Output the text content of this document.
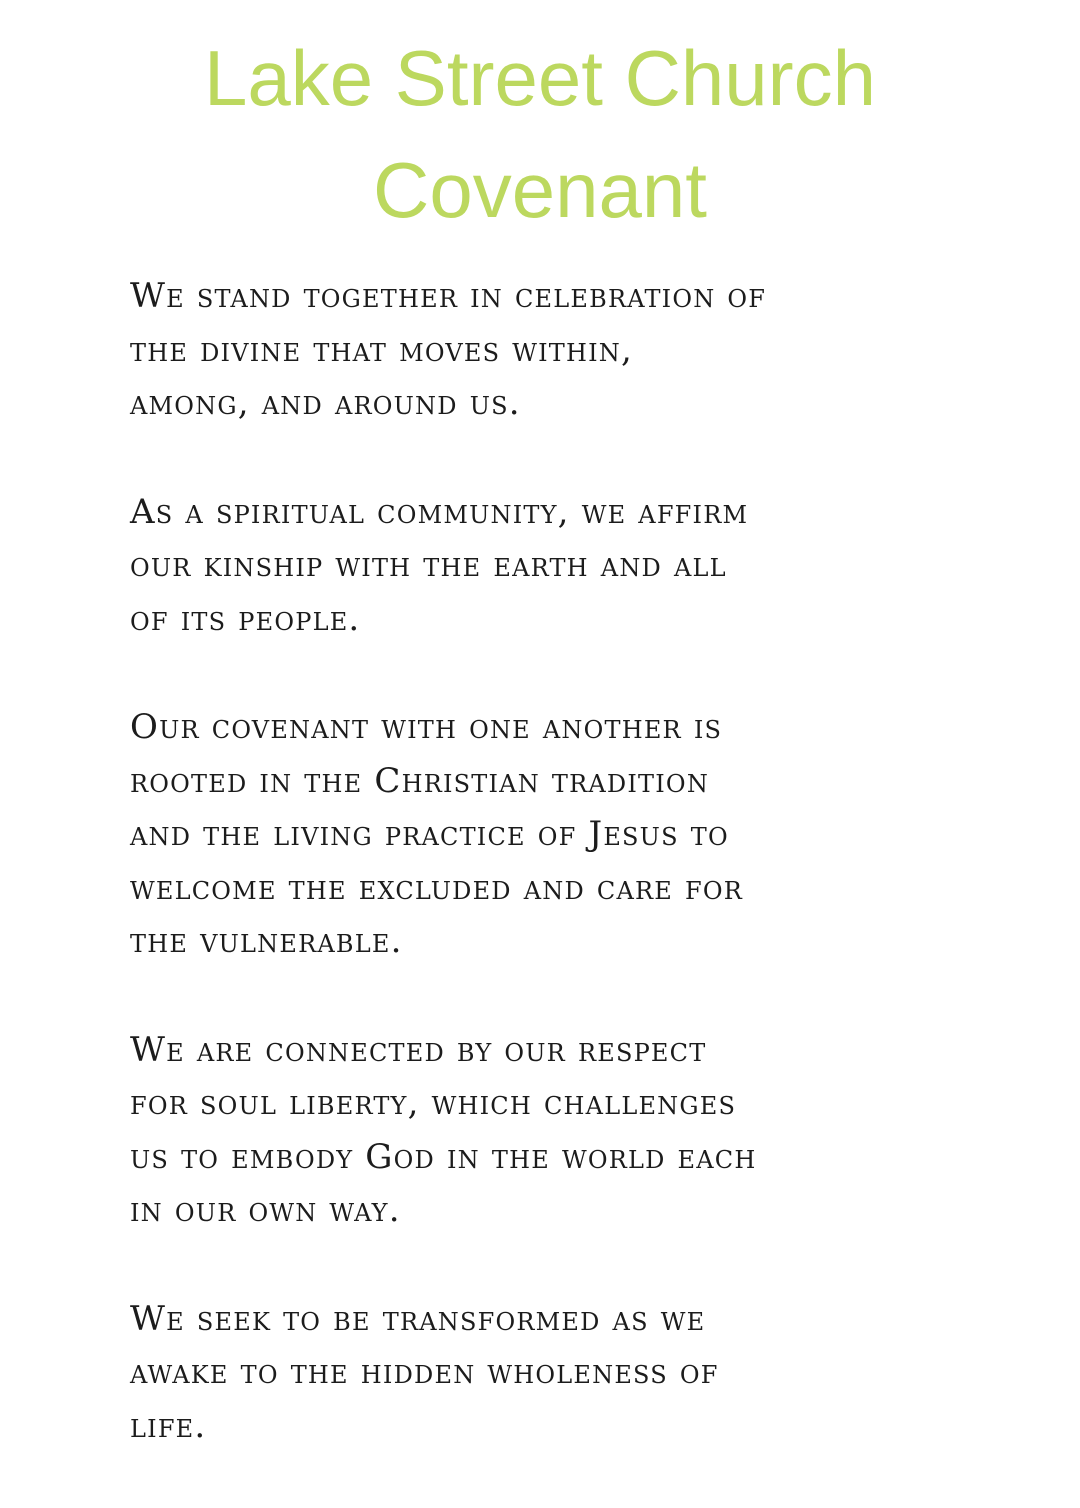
Lake Street Church
Covenant

We stand together in celebration of
the divine that moves within,
among, and around us.

As a spiritual community, we affirm
our kinship with the earth and all
of its people.

Our covenant with one another is
rooted in the Christian tradition
and the living practice of Jesus to
welcome the excluded and care for
the vulnerable.

We are connected by our respect
for soul liberty, which challenges
us to embody God in the world each
in our own way.

We seek to be transformed as we
awake to the hidden wholeness of
life.
